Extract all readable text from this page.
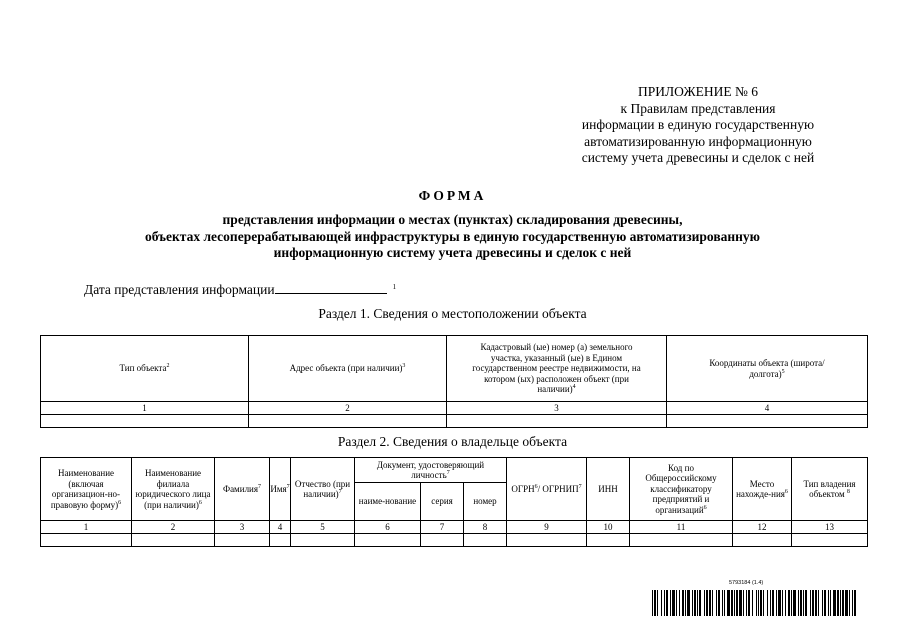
ПРИЛОЖЕНИЕ № 6
к Правилам представления
информации в единую государственную
автоматизированную информационную
систему учета древесины и сделок с ней
ФОРМА
представления информации о местах (пунктах) складирования древесины,
объектах лесоперерабатывающей инфраструктуры в единую государственную автоматизированную
информационную систему учета древесины и сделок с ней
Дата представления информации	$^1$
Раздел 1. Сведения о местоположении объекта
Тип объекта$^2$	Адрес объекта (при наличии)$^3$	Кадастровый (ые) номер (а) земельного участка, указанный (ые) в Едином государственном реестре недвижимости, на котором (ых) расположен объект (при наличии)$^4$	Координаты объекта (широта/долгота)$^5$
1	2	3	4

Раздел 2. Сведения о владельце объекта
Наименование (включая организацион-но-правовую форму)$^6$	Наименование филиала юридического лица (при наличии)$^6$	Фамилия$^7$	Имя$^7$	Отчество (при наличии)$^7$	Документ, удостоверяющий личность$^7$			ОГРН$^6$/ ОГРНИП$^7$	ИНН	Код по Общероссийскому классификатору предприятий и организаций$^6$	Место нахожде-ния$^6$	Тип владения объектом $^8$
					наиме-нование	серия	номер					
1	2	3	4	5	6	7	8	9	10	11	12	13

5793184 (1.4)
